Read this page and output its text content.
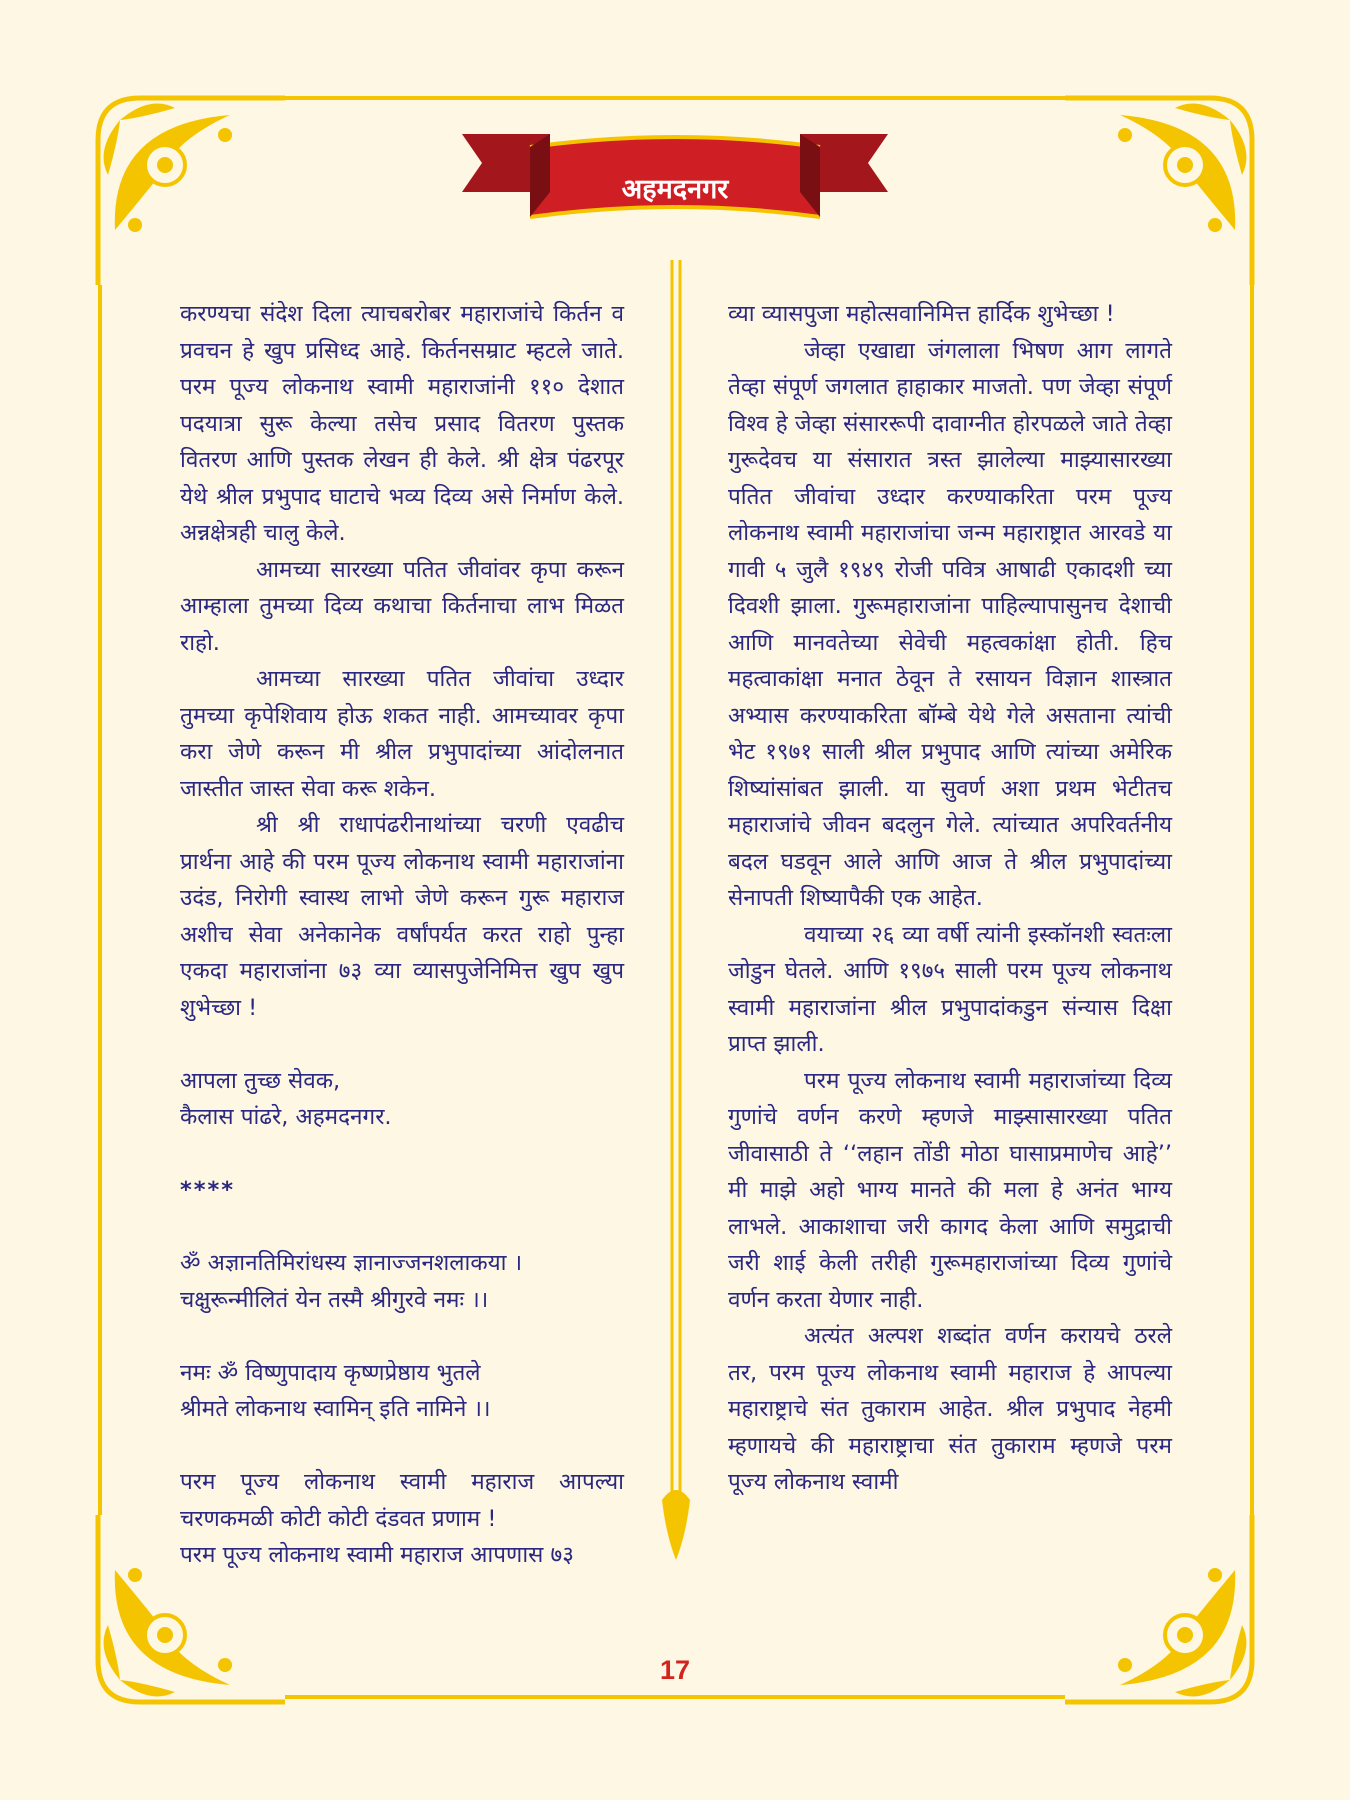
अहमदनगर

करण्यचा संदेश दिला त्याचबरोबर महाराजांचे किर्तन व प्रवचन हे खुप प्रसिध्द आहे. किर्तनसम्राट म्हटले जाते. परम पूज्य लोकनाथ स्वामी महाराजांनी ११० देशात पदयात्रा सुरू केल्या तसेच प्रसाद वितरण पुस्तक वितरण आणि पुस्तक लेखन ही केले. श्री क्षेत्र पंढरपूर येथे श्रील प्रभुपाद घाटाचे भव्य दिव्य असे निर्माण केले. अन्नक्षेत्रही चालु केले.

आमच्या सारख्या पतित जीवांवर कृपा करून आम्हाला तुमच्या दिव्य कथाचा किर्तनाचा लाभ मिळत राहो.

आमच्या सारख्या पतित जीवांचा उध्दार तुमच्या कृपेशिवाय होऊ शकत नाही. आमच्यावर कृपा करा जेणे करून मी श्रील प्रभुपादांच्या आंदोलनात जास्तीत जास्त सेवा करू शकेन.

श्री श्री राधापंढरीनाथांच्या चरणी एवढीच प्रार्थना आहे की परम पूज्य लोकनाथ स्वामी महाराजांना उदंड, निरोगी स्वास्थ लाभो जेणे करून गुरू महाराज अशीच सेवा अनेकानेक वर्षांपर्यत करत राहो पुन्हा एकदा महाराजांना ७३ व्या व्यासपुजेनिमित्त खुप खुप शुभेच्छा !

आपला तुच्छ सेवक,

कैलास पांढरे, अहमदनगर.

****

ॐ अज्ञानतिमिरांधस्य ज्ञानाज्जनशलाकया ।

चक्षुरून्मीलितं येन तस्मै श्रीगुरवे नमः ।।

नमः ॐ विष्णुपादाय कृष्णप्रेष्ठाय भुतले

श्रीमते लोकनाथ स्वामिन् इति नामिने ।।

परम पूज्य लोकनाथ स्वामी महाराज आपल्या चरणकमळी कोटी कोटी दंडवत प्रणाम !

परम पूज्य लोकनाथ स्वामी महाराज आपणास ७३

व्या व्यासपुजा महोत्सवानिमित्त हार्दिक शुभेच्छा !

जेव्हा एखाद्या जंगलाला भिषण आग लागते तेव्हा संपूर्ण जगलात हाहाकार माजतो. पण जेव्हा संपूर्ण विश्व हे जेव्हा संसाररूपी दावाग्नीत होरपळले जाते तेव्हा गुरूदेवच या संसारात त्रस्त झालेल्या माझ्यासारख्या पतित जीवांचा उध्दार करण्याकरिता परम पूज्य लोकनाथ स्वामी महाराजांचा जन्म महाराष्ट्रात आरवडे या गावी ५ जुलै १९४९ रोजी पवित्र आषाढी एकादशी च्या दिवशी झाला. गुरूमहाराजांना पाहिल्यापासुनच देशाची आणि मानवतेच्या सेवेची महत्वकांक्षा होती. हिच महत्वाकांक्षा मनात ठेवून ते रसायन विज्ञान शास्त्रात अभ्यास करण्याकरिता बॉम्बे येथे गेले असताना त्यांची भेट १९७१ साली श्रील प्रभुपाद आणि त्यांच्या अमेरिक शिष्यांसांबत झाली. या सुवर्ण अशा प्रथम भेटीतच महाराजांचे जीवन बदलुन गेले. त्यांच्यात अपरिवर्तनीय बदल घडवून आले आणि आज ते श्रील प्रभुपादांच्या सेनापती शिष्यापैकी एक आहेत.

वयाच्या २६ व्या वर्षी त्यांनी इस्कॉनशी स्वतःला जोडुन घेतले. आणि १९७५ साली परम पूज्य लोकनाथ स्वामी महाराजांना श्रील प्रभुपादांकडुन संन्यास दिक्षा प्राप्त झाली.

परम पूज्य लोकनाथ स्वामी महाराजांच्या दिव्य गुणांचे वर्णन करणे म्हणजे माझ्सासारख्या पतित जीवासाठी ते ‘‘लहान तोंडी मोठा घासाप्रमाणेच आहे’’ मी माझे अहो भाग्य मानते की मला हे अनंत भाग्य लाभले. आकाशाचा जरी कागद केला आणि समुद्राची जरी शाई केली तरीही गुरूमहाराजांच्या दिव्य गुणांचे वर्णन करता येणार नाही.

अत्यंत अल्पश शब्दांत वर्णन करायचे ठरले तर, परम पूज्य लोकनाथ स्वामी महाराज हे आपल्या महाराष्ट्राचे संत तुकाराम आहेत. श्रील प्रभुपाद नेहमी म्हणायचे की महाराष्ट्राचा संत तुकाराम म्हणजे परम पूज्य लोकनाथ स्वामी

17
